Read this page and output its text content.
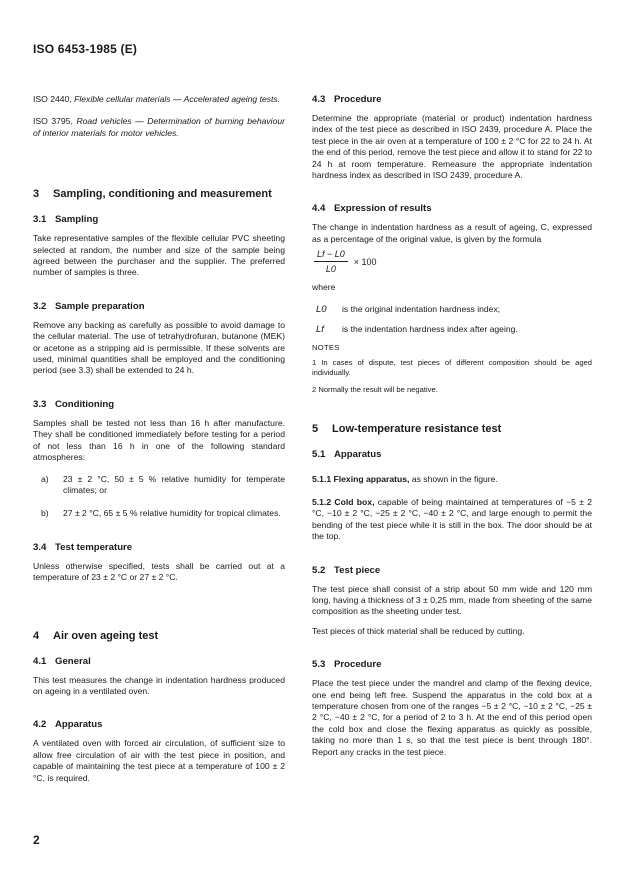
ISO 6453-1985 (E)

ISO 2440, Flexible cellular materials — Accelerated ageing tests.

ISO 3795, Road vehicles — Determination of burning behaviour of interior materials for motor vehicles.

3	Sampling, conditioning and measurement
3.1 Sampling

Take representative samples of the flexible cellular PVC sheeting selected at random, the number and size of the sample being agreed between the purchaser and the supplier. The preferred number of samples is three.

3.2 Sample preparation

Remove any backing as carefully as possible to avoid damage to the cellular material. The use of tetrahydrofuran, butanone (MEK) or acetone as a stripping aid is permissible. If these solvents are used, minimal quantities shall be employed and the conditioning period (see 3.3) shall be extended to 24 h.

3.3 Conditioning

Samples shall be tested not less than 16 h after manufacture. They shall be conditioned immediately before testing for a period of not less than 16 h in one of the following standard atmospheres:

a)	23 ± 2 °C, 50 ± 5 % relative humidity for temperate climates; or
b)	27 ± 2 °C, 65 ± 5 % relative humidity for tropical climates.
3.4 Test temperature

Unless otherwise specified, tests shall be carried out at a temperature of 23 ± 2 °C or 27 ± 2 °C.

4	Air oven ageing test
4.1 General

This test measures the change in indentation hardness produced on ageing in a ventilated oven.

4.2 Apparatus

A ventilated oven with forced air circulation, of sufficient size to allow free circulation of air with the test piece in position, and capable of maintaining the test piece at a temperature of 100 ± 2 °C, is required.

4.3 Procedure

Determine the appropriate (material or product) indentation hardness index of the test piece as described in ISO 2439, procedure A. Place the test piece in the air oven at a temperature of 100 ± 2 °C for 22 to 24 h. At the end of this period, remove the test piece and allow it to stand for 22 to 24 h at room temperature. Remeasure the appropriate indentation hardness index as described in ISO 2439, procedure A.

4.4 Expression of results

The change in indentation hardness as a result of ageing, C, expressed as a percentage of the original value, is given by the formula

$\frac{Lf - L0}{L0} \times 100$

where

L0	is the original indentation hardness index;
Lf	is the indentation hardness index after ageing.
NOTES
1 In cases of dispute, test pieces of different composition should be aged individually.
2 Normally the result will be negative.
5	Low-temperature resistance test
5.1 Apparatus

5.1.1 Flexing apparatus, as shown in the figure.

5.1.2 Cold box, capable of being maintained at temperatures of −5 ± 2 °C, −10 ± 2 °C, −25 ± 2 °C, −40 ± 2 °C, and large enough to permit the bending of the test piece while it is still in the box. The door should be at the top.

5.2 Test piece

The test piece shall consist of a strip about 50 mm wide and 120 mm long, having a thickness of 3 ± 0,25 mm, made from sheeting of the same composition as the sheeting under test.

Test pieces of thick material shall be reduced by cutting.

5.3 Procedure

Place the test piece under the mandrel and clamp of the flexing device, one end being left free. Suspend the apparatus in the cold box at a temperature chosen from one of the ranges −5 ± 2 °C, −10 ± 2 °C, −25 ± 2 °C, −40 ± 2 °C, for a period of 2 to 3 h. At the end of this period open the cold box and close the flexing apparatus as quickly as possible, taking no more than 1 s, so that the test piece is bent through 180°. Report any cracks in the test piece.

2
